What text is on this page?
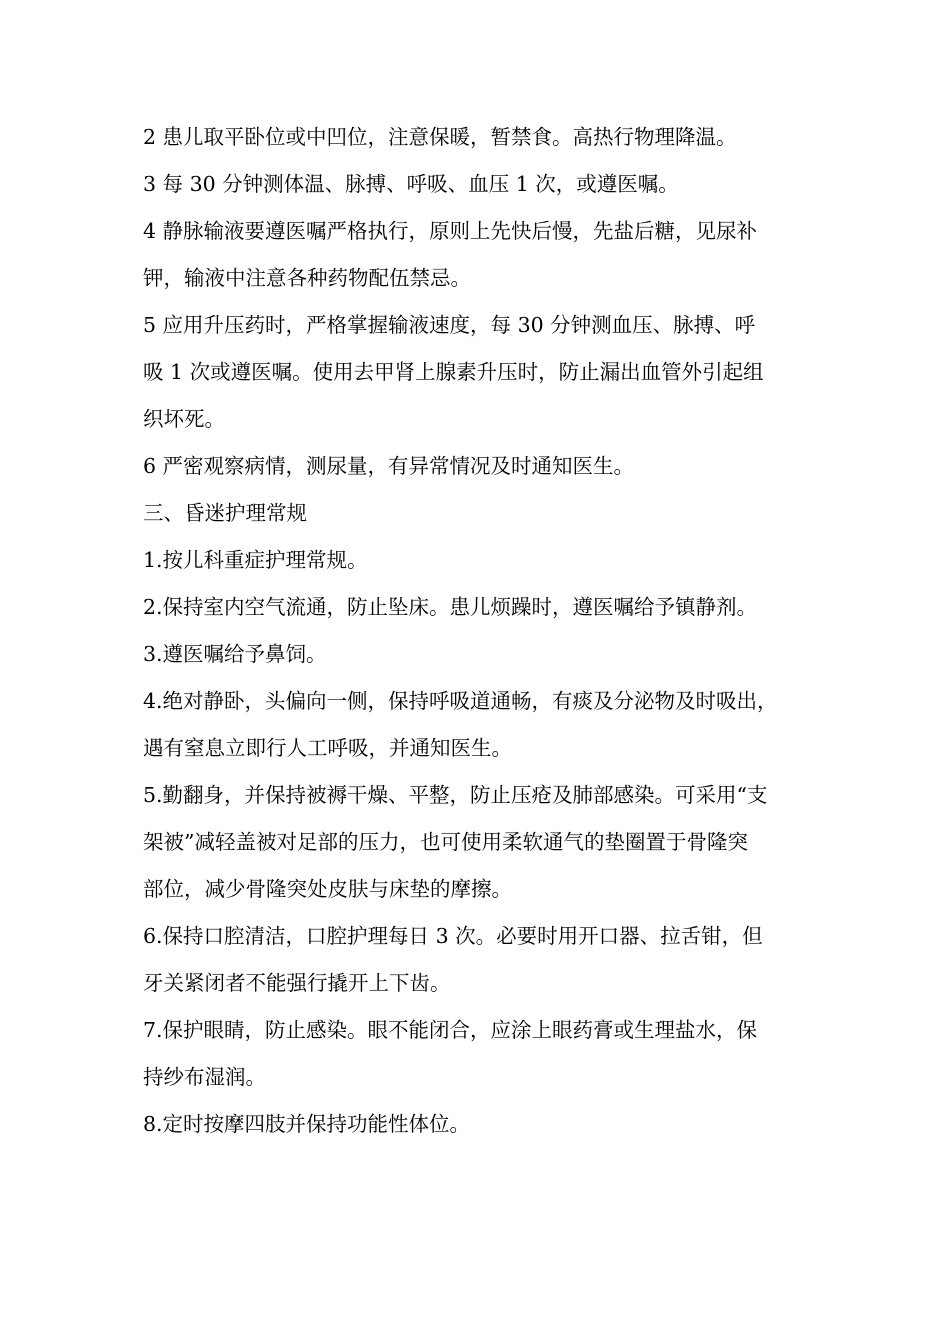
2 患儿取平卧位或中凹位，注意保暖，暂禁食。高热行物理降温。

3 每 30 分钟测体温、脉搏、呼吸、血压 1 次，或遵医嘱。

4 静脉输液要遵医嘱严格执行，原则上先快后慢，先盐后糖，见尿补

钾，输液中注意各种药物配伍禁忌。

5 应用升压药时，严格掌握输液速度，每 30 分钟测血压、脉搏、呼

吸 1 次或遵医嘱。使用去甲肾上腺素升压时，防止漏出血管外引起组

织坏死。

6 严密观察病情，测尿量，有异常情况及时通知医生。

三、昏迷护理常规

1.按儿科重症护理常规。

2.保持室内空气流通，防止坠床。患儿烦躁时，遵医嘱给予镇静剂。

3.遵医嘱给予鼻饲。

4.绝对静卧，头偏向一侧，保持呼吸道通畅，有痰及分泌物及时吸出，

遇有窒息立即行人工呼吸，并通知医生。

5.勤翻身，并保持被褥干燥、平整，防止压疮及肺部感染。可采用“支

架被”减轻盖被对足部的压力，也可使用柔软通气的垫圈置于骨隆突

部位，减少骨隆突处皮肤与床垫的摩擦。

6.保持口腔清洁，口腔护理每日 3 次。必要时用开口器、拉舌钳，但

牙关紧闭者不能强行撬开上下齿。

7.保护眼睛，防止感染。眼不能闭合，应涂上眼药膏或生理盐水，保

持纱布湿润。

8.定时按摩四肢并保持功能性体位。
